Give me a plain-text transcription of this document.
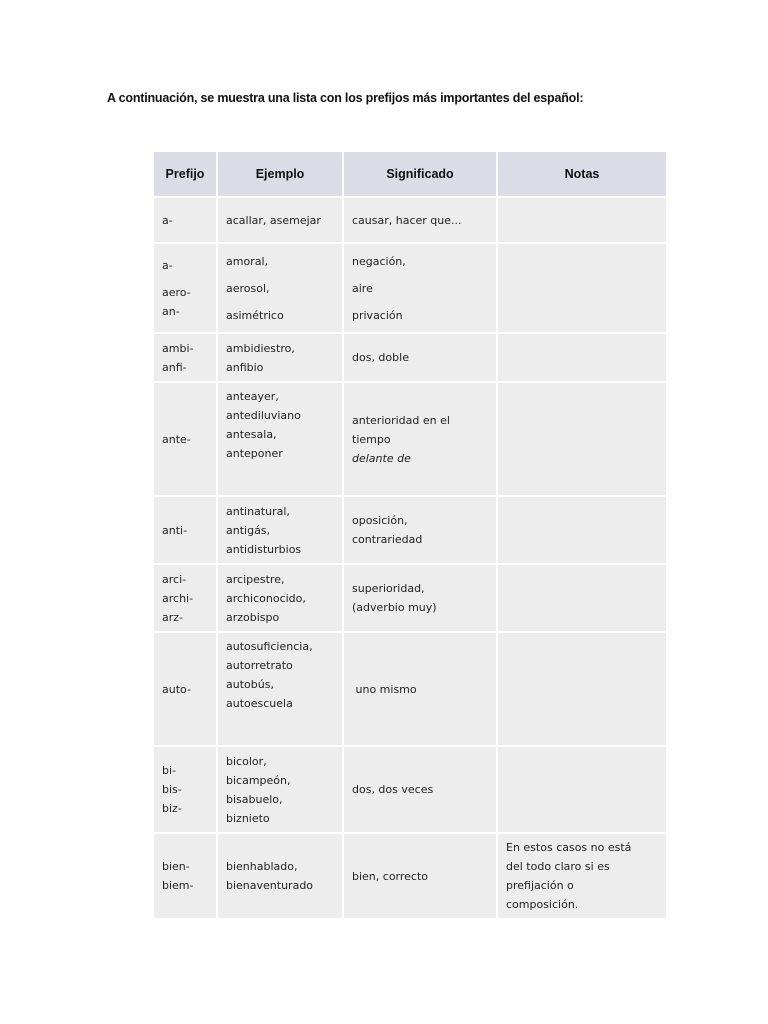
A continuación, se muestra una lista con los prefijos más importantes del español:
Prefijo	Ejemplo	Significado	Notas

a-	acallar, asemejar	causar, hacer que...	

a-
aero-
an-	amoral,
aerosol,
asimétrico	negación,
aire
privación	

ambi-
anfi-	ambidiestro,
anfibio	dos, doble	

ante-	anteayer,
antediluviano
antesala,
anteponer	anterioridad en el
tiempo
delante de	

anti-	antinatural,
antigás,
antidisturbios	oposición,
contrariedad	

arci-
archi-
arz-	arcipestre,
archiconocido,
arzobispo	superioridad,
(adverbio muy)	

auto-	autosuficiencia,
autorretrato
autobús,
autoescuela	uno mismo	

bi-
bis-
biz-	bicolor,
bicampeón,
bisabuelo,
biznieto	dos, dos veces	

bien-
biem-	bienhablado,
bienaventurado	bien, correcto	En estos casos no está
del todo claro si es
prefijación o
composición.
